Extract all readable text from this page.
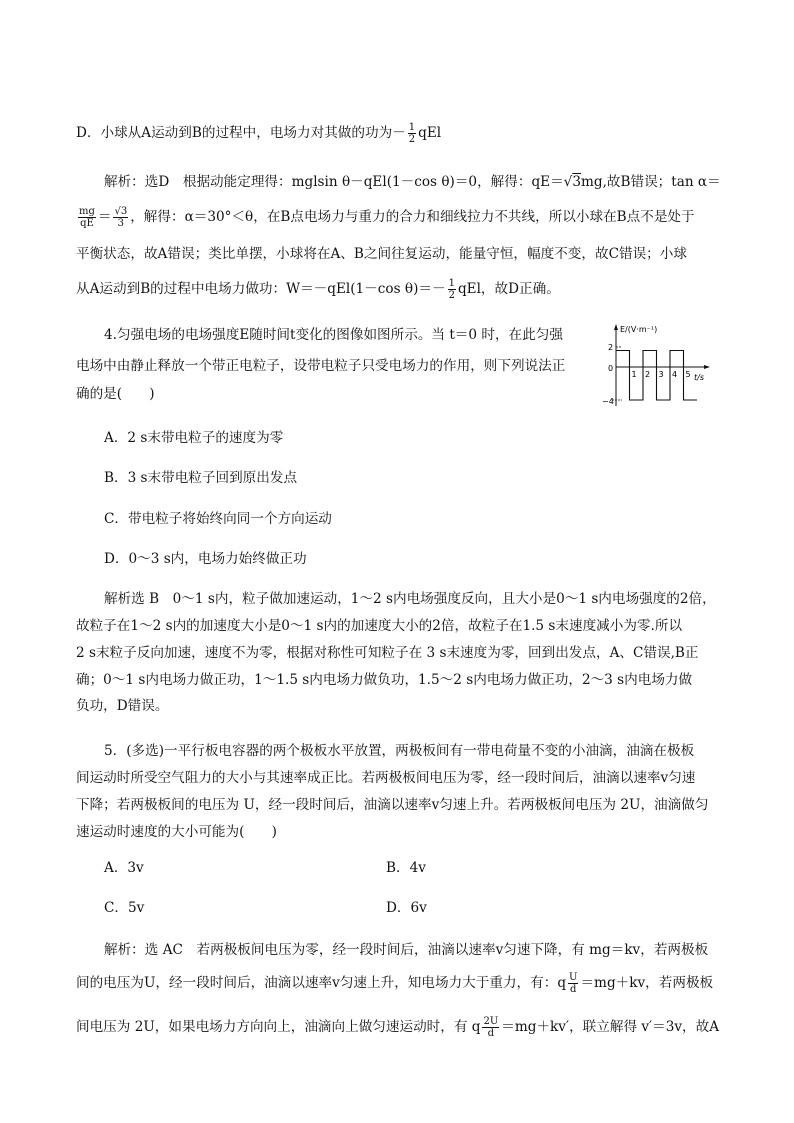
D．小球从A运动到B的过程中，电场力对其做的功为－ $\frac{1}{2}$ qEl
解析：选D　根据动能定理得：mglsin θ－qEl(1－cos θ)＝0，解得：qE＝√3mg,故B错误；tan α＝
$\frac{mg}{qE} = \frac{√3}{3}$ ，解得：α＝30°＜θ，在B点电场力与重力的合力和细线拉力不共线，所以小球在B点不是处于
平衡状态，故A错误；类比单摆，小球将在A、B之间往复运动，能量守恒，幅度不变，故C错误；小球
从A运动到B的过程中电场力做功：W＝－qEl(1－cos $\theta)=- \frac{1}{2}$ qEl，故D正确。
4.匀强电场的电场强度E随时间t变化的图像如图所示。当 t＝0 时，在此匀强
电场中由静止释放一个带正电粒子，设带电粒子只受电场力的作用，则下列说法正
确的是(　　)
E/(V·m⁻¹)
t/s
0
2
−4
1 2 3 4 5
A．2 s末带电粒子的速度为零
B．3 s末带电粒子回到原出发点
C．带电粒子将始终向同一个方向运动
D．0～3 s内，电场力始终做正功
解析选 B　0～1 s内，粒子做加速运动，1～2 s内电场强度反向，且大小是0～1 s内电场强度的2倍，
故粒子在1～2 s内的加速度大小是0～1 s内的加速度大小的2倍，故粒子在1.5 s末速度减小为零.所以
2 s末粒子反向加速，速度不为零，根据对称性可知粒子在 3 s末速度为零，回到出发点，A、C错误,B正
确；0～1 s内电场力做正功，1～1.5 s内电场力做负功，1.5～2 s内电场力做正功，2～3 s内电场力做
负功，D错误。
5．(多选)一平行板电容器的两个极板水平放置，两极板间有一带电荷量不变的小油滴，油滴在极板
间运动时所受空气阻力的大小与其速率成正比。若两极板间电压为零，经一段时间后，油滴以速率v匀速
下降；若两极板间的电压为 U，经一段时间后，油滴以速率v匀速上升。若两极板间电压为 2U，油滴做匀
速运动时速度的大小可能为(　　)
A．3v	B．4v
C．5v	D．6v
解析：选 AC　若两极板间电压为零，经一段时间后，油滴以速率v匀速下降，有 mg＝kv，若两极板
间的电压为U，经一段时间后，油滴以速率v匀速上升，知电场力大于重力，有：q $\frac{U}{d} =mg+kv$，若两极板
间电压为 2U，如果电场力方向向上，油滴向上做匀速运动时，有 q $\frac{2U}{d} =mg+kv'$，联立解得 v′＝3v，故A
